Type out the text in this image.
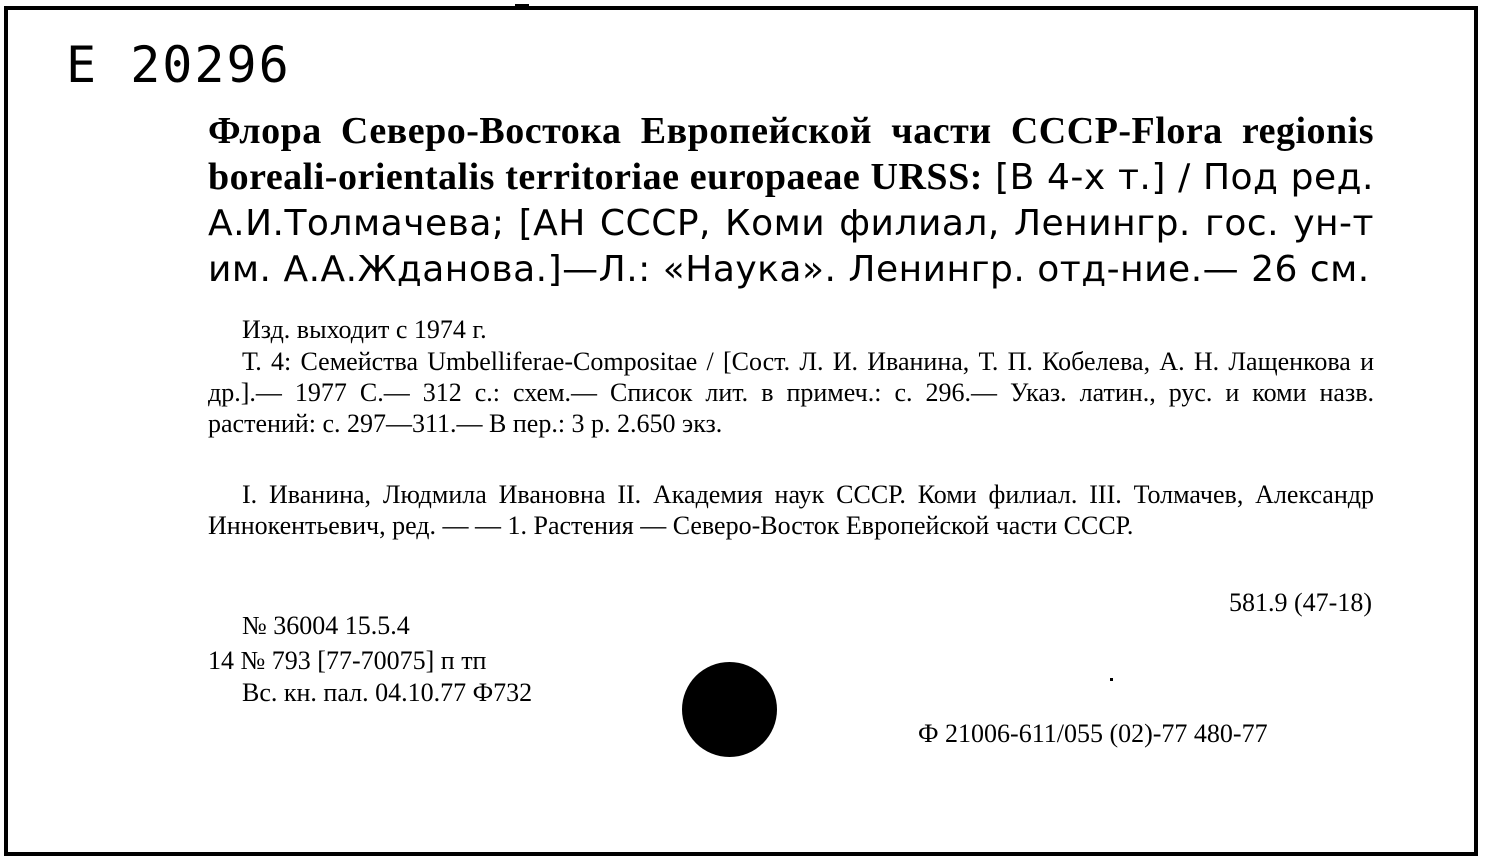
Е 20296
Флора Северо-Востока Европейской части СССР-Flora regionis boreali-orientalis territoriae europaeae URSS: [В 4-х т.] / Под ред. А.И.Толмачева; [АН СССР, Коми филиал, Ленингр. гос. ун-т им. А.А.Жданова.]—Л.: «Наука». Ленингр. отд-ние.— 26 см.

Изд. выходит с 1974 г.

Т. 4: Семейства Umbelliferae-Compositae / [Сост. Л. И. Иванина, Т. П. Кобелева, А. Н. Лащенкова и др.].— 1977 С.— 312 с.: схем.— Список лит. в примеч.: с. 296.— Указ. латин., рус. и коми назв. растений: с. 297—311.— В пер.: 3 р. 2.650 экз.

I. Иванина, Людмила Ивановна II. Академия наук СССР. Коми филиал. III. Толмачев, Александр Иннокентьевич, ред. — — 1. Растения — Северо-Восток Европейской части СССР.

581.9 (47-18)
№ 36004 15.5.4
14 № 793 [77-70075] п тп
Вс. кн. пал. 04.10.77 Ф732
Ф 21006-611/055 (02)-77 480-77
